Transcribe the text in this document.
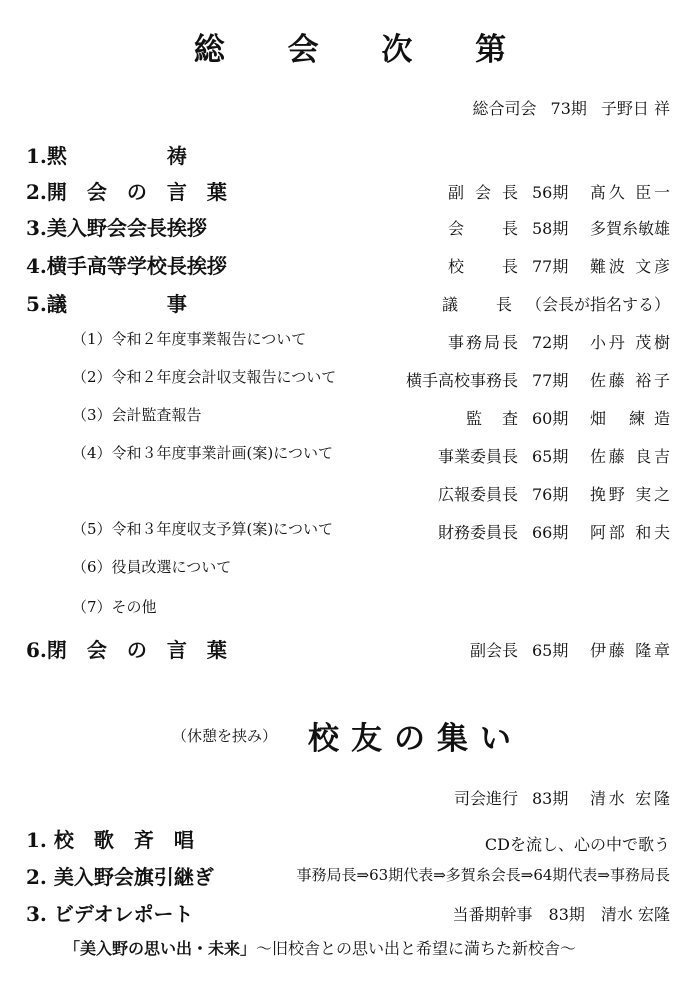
総 会 次 第
総合司会 73期 子野日 祥
1.黙　　　　　祷
2.開　会　の　言　葉	副会長 56期	髙久 臣一
3.美入野会会長挨拶	会長 58期	多賀糸敏雄
4.横手高等学校長挨拶	校長 77期	難波 文彦
5.議　　　　　事	議長 （会長が指名する）
（1）令和２年度事業報告について	事務局長 72期	小丹 茂樹
（2）令和２年度会計収支報告について	横手高校事務長 77期	佐藤 裕子
（3）会計監査報告	監査 60期	畑 練造
（4）令和３年度事業計画(案)について	事業委員長 65期	佐藤 良吉
広報委員長 76期	挽野 実之
（5）令和３年度収支予算(案)について	財務委員長 66期	阿部 和夫
（6）役員改選について
（7）その他
6.閉　会　の　言　葉	副会長 65期	伊藤 隆章
（休憩を挟み） 校友の集い
司会進行 83期	清水 宏隆
1. 校　歌　斉　唱	CDを流し、心の中で歌う
2. 美入野会旗引継ぎ	事務局長⇒63期代表⇒多賀糸会長⇒64期代表⇒事務局長
3. ビデオレポート	当番期幹事　83期　清水 宏隆
「美入野の思い出・未来」～旧校舎との思い出と希望に満ちた新校舎～
